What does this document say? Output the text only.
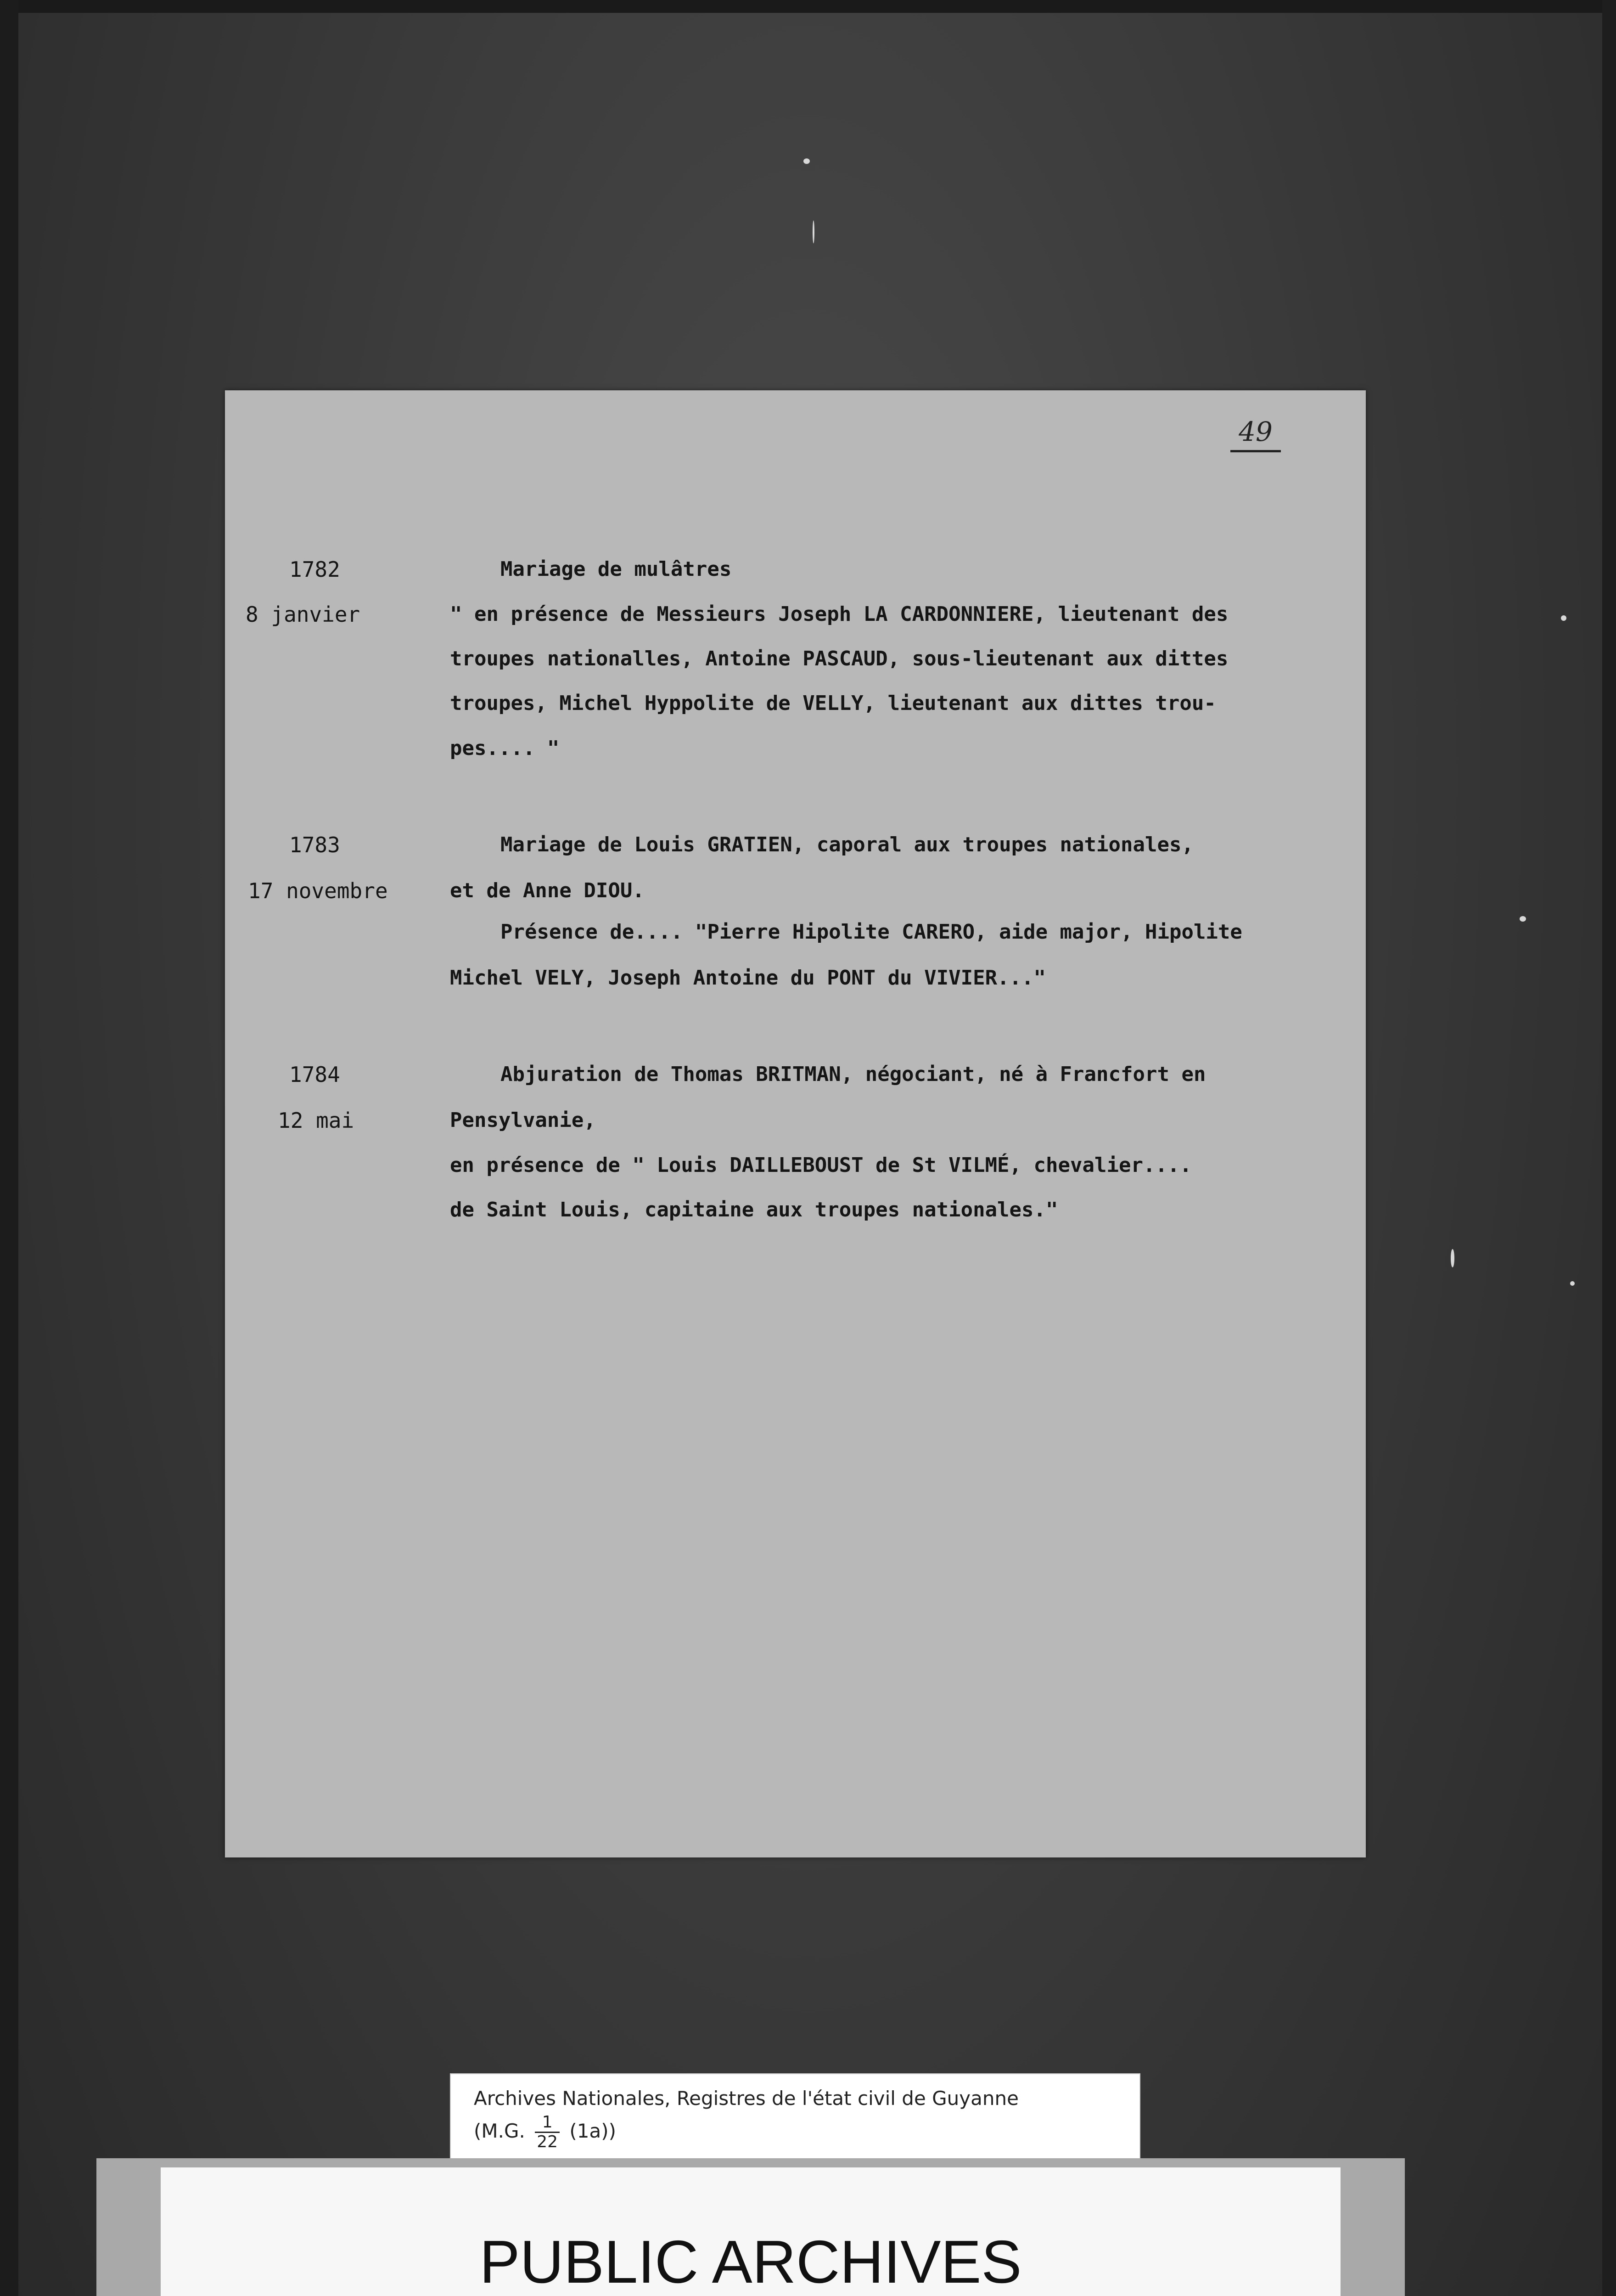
49
1782
8 janvier
Mariage de mulâtres
" en présence de Messieurs Joseph LA CARDONNIERE, lieutenant des
troupes nationalles, Antoine PASCAUD, sous-lieutenant aux dittes
troupes, Michel Hyppolite de VELLY, lieutenant aux dittes trou-
pes.... "
1783
17 novembre
Mariage de Louis GRATIEN, caporal aux troupes nationales,
et de Anne DIOU.
Présence de.... "Pierre Hipolite CARERO, aide major, Hipolite
Michel VELY, Joseph Antoine du PONT du VIVIER..."
1784
12 mai
Abjuration de Thomas BRITMAN, négociant, né à Francfort en
Pensylvanie,
en présence de " Louis DAILLEBOUST de St VILMÉ, chevalier....
de Saint Louis, capitaine aux troupes nationales."
Archives Nationales, Registres de l'état civil de Guyanne
(M.G. $\frac{1}{22} (1a)$)
PUBLIC ARCHIVES
